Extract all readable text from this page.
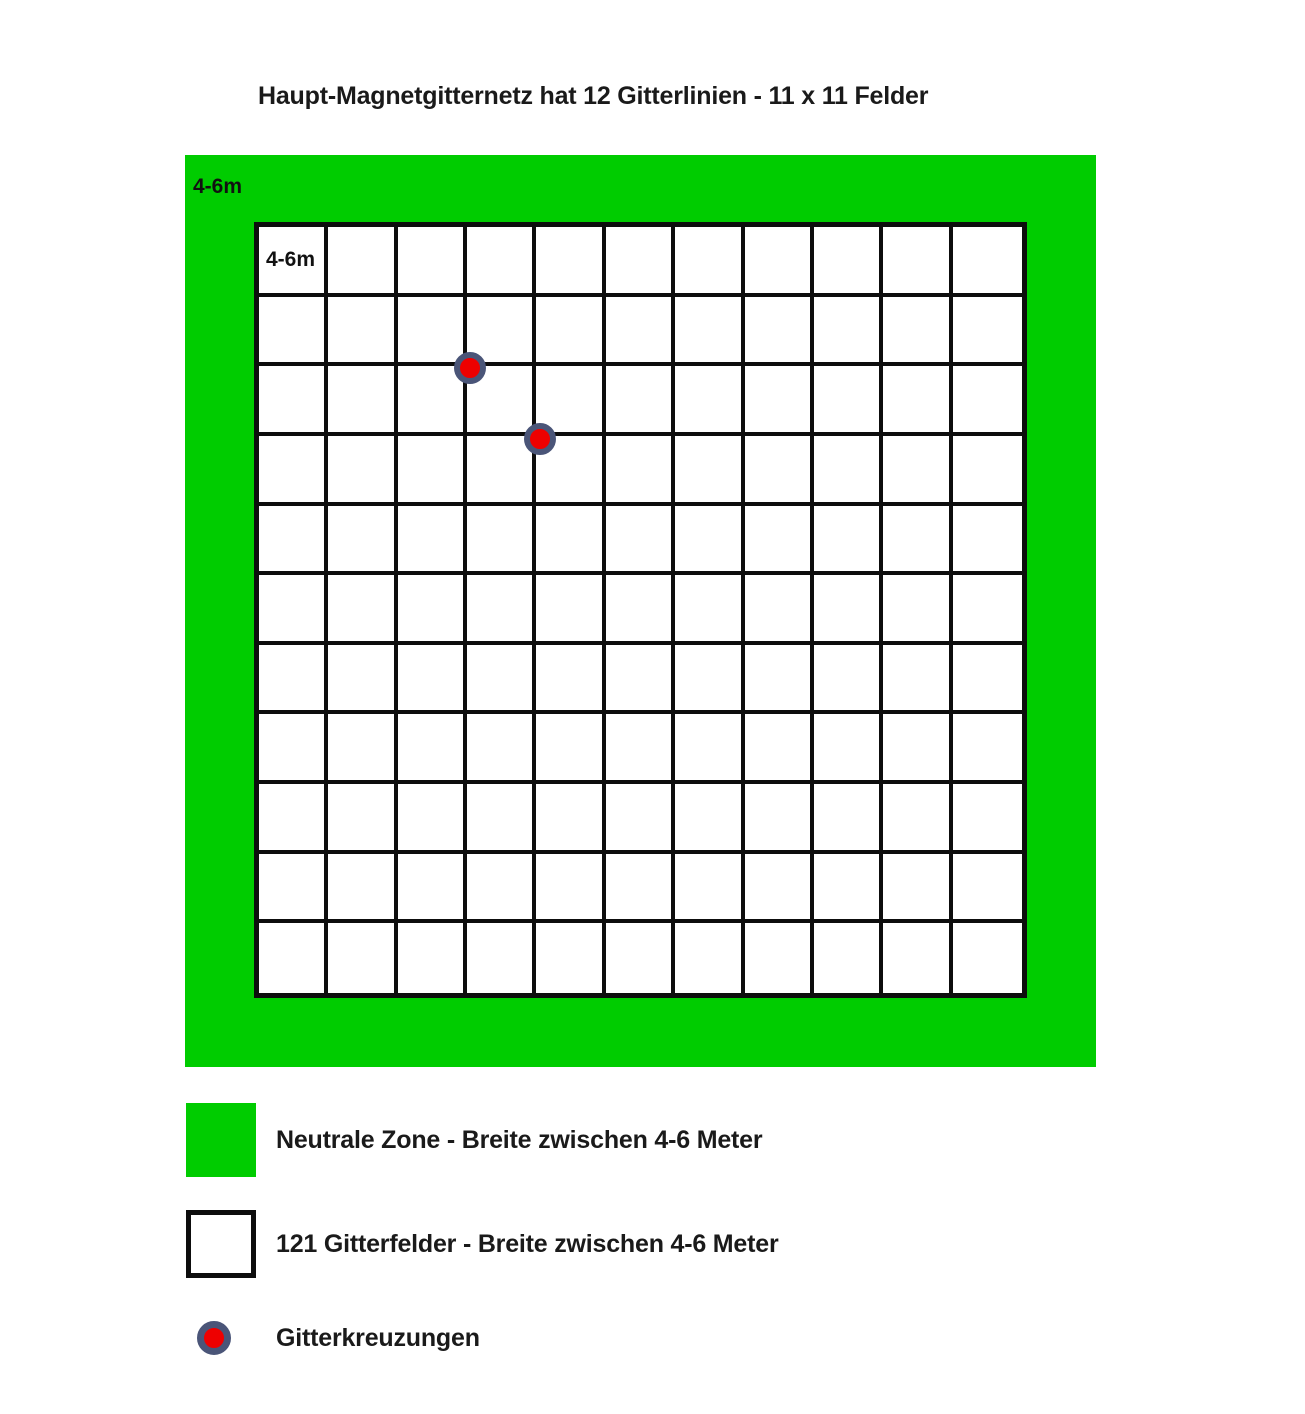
Haupt-Magnetgitternetz hat 12 Gitterlinien - 11 x 11 Felder
4-6m
4-6m
Neutrale Zone - Breite zwischen 4-6 Meter
121 Gitterfelder - Breite zwischen 4-6 Meter
Gitterkreuzungen
